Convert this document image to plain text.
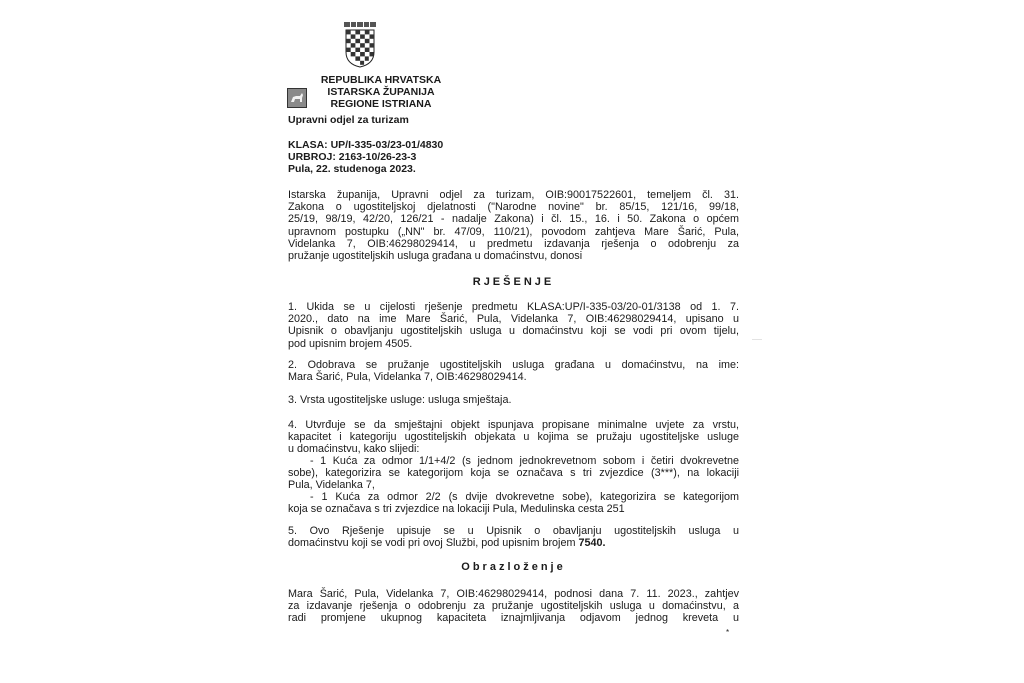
REPUBLIKA HRVATSKA
ISTARSKA ŽUPANIJA
REGIONE ISTRIANA
Upravni odjel za turizam
KLASA: UP/I-335-03/23-01/4830
URBROJ: 2163-10/26-23-3
Pula, 22. studenoga 2023.
Istarska županija, Upravni odjel za turizam, OIB:90017522601, temeljem čl. 31.
Zakona o ugostiteljskoj djelatnosti ("Narodne novine" br. 85/15, 121/16, 99/18,
25/19, 98/19, 42/20, 126/21 - nadalje Zakona) i čl. 15., 16. i 50. Zakona o općem
upravnom postupku („NN" br. 47/09, 110/21), povodom zahtjeva Mare Šarić, Pula,
Videlanka 7, OIB:46298029414, u predmetu izdavanja rješenja o odobrenju za
pružanje ugostiteljskih usluga građana u domaćinstvu, donosi
RJEŠENJE
1. Ukida se u cijelosti rješenje predmetu KLASA:UP/I-335-03/20-01/3138 od 1. 7.
2020., dato na ime Mare Šarić, Pula, Videlanka 7, OIB:46298029414, upisano u
Upisnik o obavljanju ugostiteljskih usluga u domaćinstvu koji se vodi pri ovom tijelu,
pod upisnim brojem 4505.
2. Odobrava se pružanje ugostiteljskih usluga građana u domaćinstvu, na ime:
Mara Šarić, Pula, Videlanka 7, OIB:46298029414.
3. Vrsta ugostiteljske usluge: usluga smještaja.
4. Utvrđuje se da smještajni objekt ispunjava propisane minimalne uvjete za vrstu,
kapacitet i kategoriju ugostiteljskih objekata u kojima se pružaju ugostiteljske usluge
u domaćinstvu, kako slijedi:
- 1 Kuća za odmor 1/1+4/2 (s jednom jednokrevetnom sobom i četiri dvokrevetne
sobe), kategorizira se kategorijom koja se označava s tri zvjezdice (3***), na lokaciji
Pula, Videlanka 7,
- 1 Kuća za odmor 2/2 (s dvije dvokrevetne sobe), kategorizira se kategorijom
koja se označava s tri zvjezdice na lokaciji Pula, Medulinska cesta 251
5. Ovo Rješenje upisuje se u Upisnik o obavljanju ugostiteljskih usluga u
domaćinstvu koji se vodi pri ovoj Službi, pod upisnim brojem 7540.
Obrazloženje
Mara Šarić, Pula, Videlanka 7, OIB:46298029414, podnosi dana 7. 11. 2023., zahtjev
za izdavanje rješenja o odobrenju za pružanje ugostiteljskih usluga u domaćinstvu, a
radi promjene ukupnog kapaciteta iznajmljivanja odjavom jednog kreveta u
*
